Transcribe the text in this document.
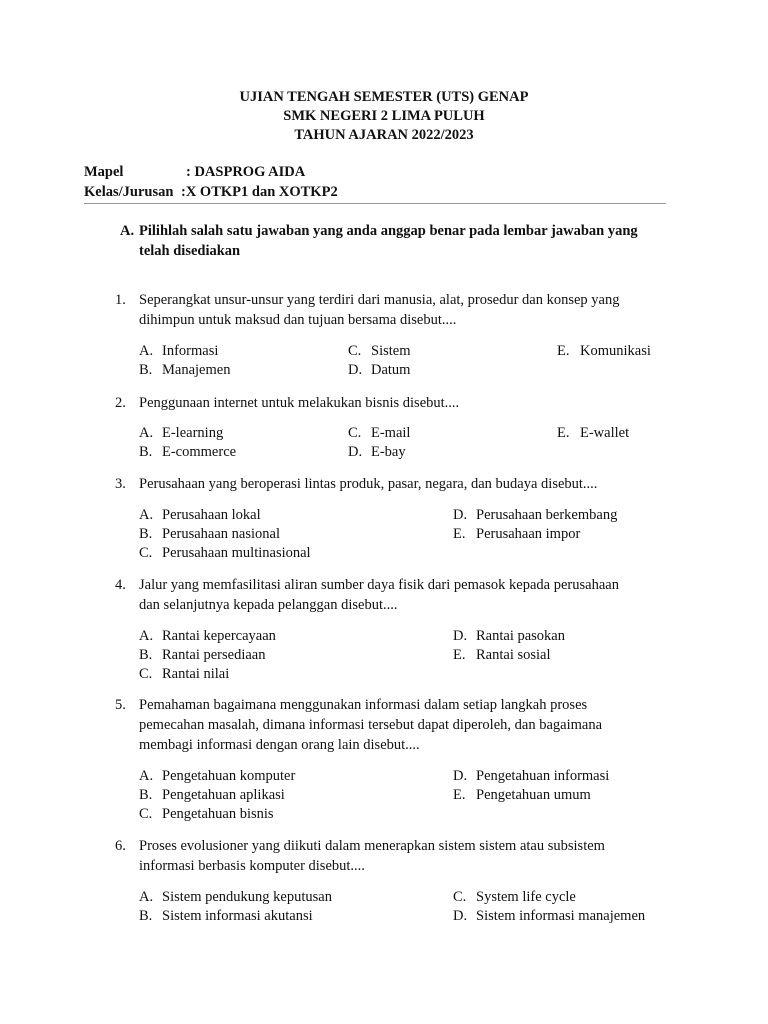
UJIAN TENGAH SEMESTER (UTS) GENAP
SMK NEGERI 2 LIMA PULUH
TAHUN AJARAN 2022/2023
Mapel	: DASPROG AIDA
Kelas/Jurusan :X OTKP1 dan XOTKP2
A. Pilihlah salah satu jawaban yang anda anggap benar pada lembar jawaban yang
telah disediakan
1. Seperangkat unsur-unsur yang terdiri dari manusia, alat, prosedur dan konsep yang
dihimpun untuk maksud dan tujuan bersama disebut....
A. Informasi
B. Manajemen
C. Sistem
D. Datum
E. Komunikasi
2. Penggunaan internet untuk melakukan bisnis disebut....
A. E-learning
B. E-commerce
C. E-mail
D. E-bay
E. E-wallet
3. Perusahaan yang beroperasi lintas produk, pasar, negara, dan budaya disebut....
A. Perusahaan lokal
B. Perusahaan nasional
C. Perusahaan multinasional
D. Perusahaan berkembang
E. Perusahaan impor
4. Jalur yang memfasilitasi aliran sumber daya fisik dari pemasok kepada perusahaan
dan selanjutnya kepada pelanggan disebut....
A. Rantai kepercayaan
B. Rantai persediaan
C. Rantai nilai
D. Rantai pasokan
E. Rantai sosial
5. Pemahaman bagaimana menggunakan informasi dalam setiap langkah proses
pemecahan masalah, dimana informasi tersebut dapat diperoleh, dan bagaimana
membagi informasi dengan orang lain disebut....
A. Pengetahuan komputer
B. Pengetahuan aplikasi
C. Pengetahuan bisnis
D. Pengetahuan informasi
E. Pengetahuan umum
6. Proses evolusioner yang diikuti dalam menerapkan sistem sistem atau subsistem
informasi berbasis komputer disebut....
A. Sistem pendukung keputusan
B. Sistem informasi akutansi
C. System life cycle
D. Sistem informasi manajemen
